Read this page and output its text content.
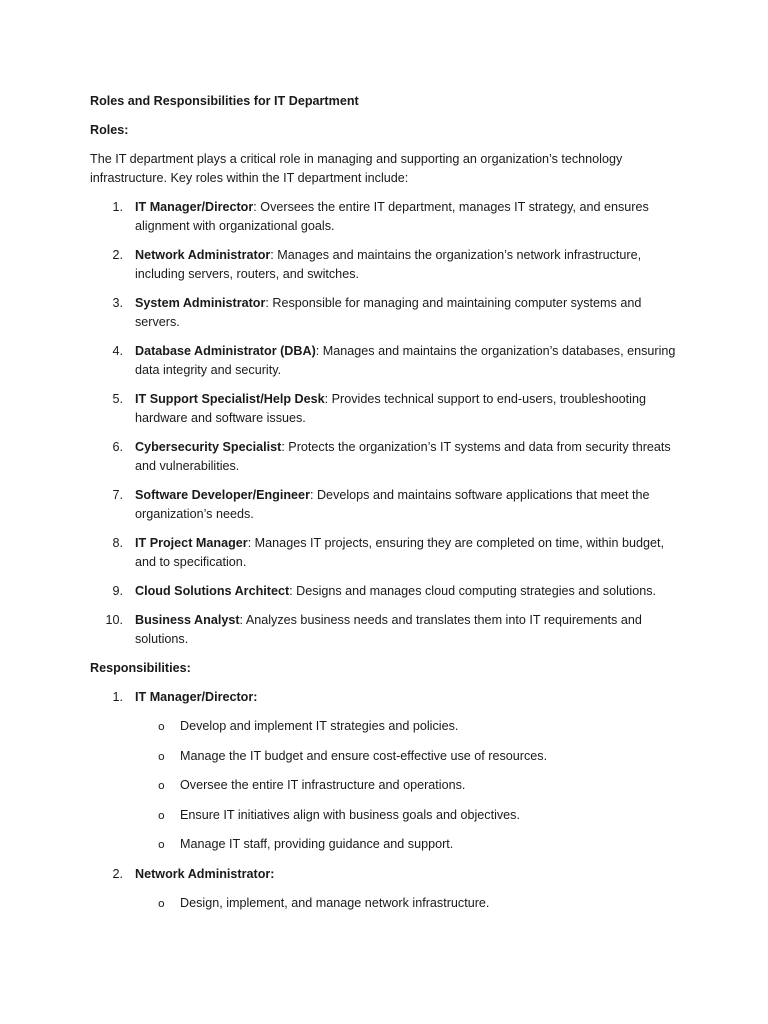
Roles and Responsibilities for IT Department
Roles:
The IT department plays a critical role in managing and supporting an organization’s technology infrastructure. Key roles within the IT department include:
1. IT Manager/Director: Oversees the entire IT department, manages IT strategy, and ensures alignment with organizational goals.
2. Network Administrator: Manages and maintains the organization’s network infrastructure, including servers, routers, and switches.
3. System Administrator: Responsible for managing and maintaining computer systems and servers.
4. Database Administrator (DBA): Manages and maintains the organization’s databases, ensuring data integrity and security.
5. IT Support Specialist/Help Desk: Provides technical support to end-users, troubleshooting hardware and software issues.
6. Cybersecurity Specialist: Protects the organization’s IT systems and data from security threats and vulnerabilities.
7. Software Developer/Engineer: Develops and maintains software applications that meet the organization’s needs.
8. IT Project Manager: Manages IT projects, ensuring they are completed on time, within budget, and to specification.
9. Cloud Solutions Architect: Designs and manages cloud computing strategies and solutions.
10. Business Analyst: Analyzes business needs and translates them into IT requirements and solutions.
Responsibilities:
1. IT Manager/Director:
o Develop and implement IT strategies and policies.
o Manage the IT budget and ensure cost-effective use of resources.
o Oversee the entire IT infrastructure and operations.
o Ensure IT initiatives align with business goals and objectives.
o Manage IT staff, providing guidance and support.
2. Network Administrator:
o Design, implement, and manage network infrastructure.
